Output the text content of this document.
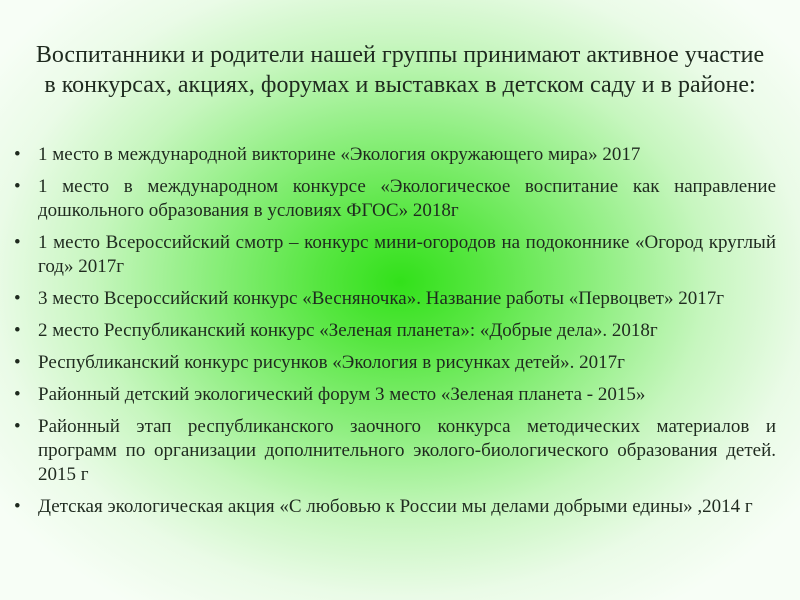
Воспитанники и родители нашей группы принимают активное участие в конкурсах, акциях, форумах и выставках в детском саду и в районе:
• 1 место в международной викторине «Экология окружающего мира» 2017
• 1 место в международном конкурсе «Экологическое воспитание как направление дошкольного образования в условиях ФГОС» 2018г
• 1 место Всероссийский смотр – конкурс мини-огородов на подоконнике «Огород круглый год» 2017г
• 3 место Всероссийский конкурс «Весняночка». Название работы «Первоцвет» 2017г
• 2 место Республиканский конкурс «Зеленая планета»: «Добрые дела». 2018г
• Республиканский конкурс рисунков «Экология в рисунках детей». 2017г
• Районный детский экологический форум 3 место «Зеленая планета - 2015»
• Районный этап республиканского заочного конкурса методических материалов и программ по организации дополнительного эколого-биологического образования детей. 2015 г
• Детская экологическая акция «С любовью к России мы делами добрыми едины» ,2014 г
